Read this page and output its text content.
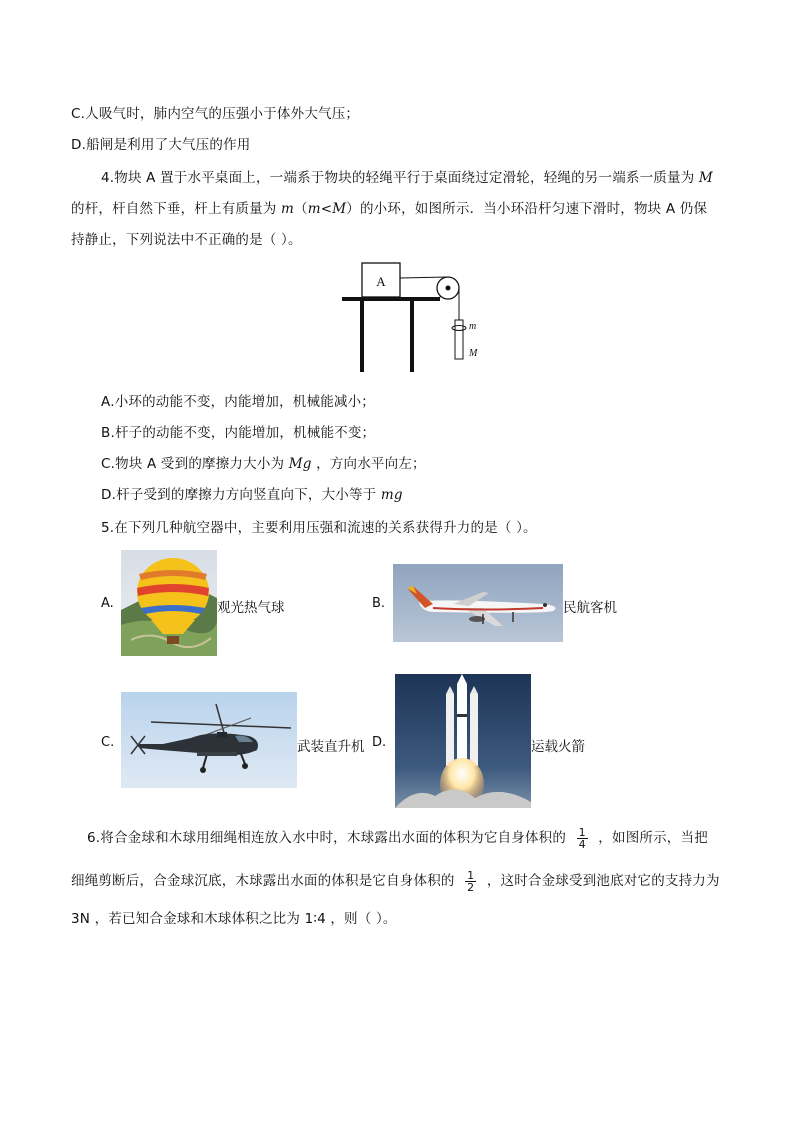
C.人吸气时，肺内空气的压强小于体外大气压；
D.船闸是利用了大气压的作用
4.物块 A 置于水平桌面上，一端系于物块的轻绳平行于桌面绕过定滑轮，轻绳的另一端系一质量为 M
的杆，杆自然下垂，杆上有质量为 m（m<M）的小环，如图所示．当小环沿杆匀速下滑时，物块 A 仍保
持静止，下列说法中不正确的是（ ）。
A
m
M
A.小环的动能不变，内能增加，机械能减小；
B.杆子的动能不变，内能增加，机械能不变；
C.物块 A 受到的摩擦力大小为 Mg ，方向水平向左；
D.杆子受到的摩擦力方向竖直向下，大小等于 mg
5.在下列几种航空器中，主要利用压强和流速的关系获得升力的是（ ）。
A.	观光热气球	B.	民航客机
C.	武装直升机 D.	运载火箭
6.将合金球和木球用细绳相连放入水中时，木球露出水面的体积为它自身体积的 $\frac{1}{4}$ ，如图所示，当把
细绳剪断后，合金球沉底，木球露出水面的体积是它自身体积的 $\frac{1}{2}$ ，这时合金球受到池底对它的支持力为
3N ，若已知合金球和木球体积之比为 1∶4 ，则（ ）。
